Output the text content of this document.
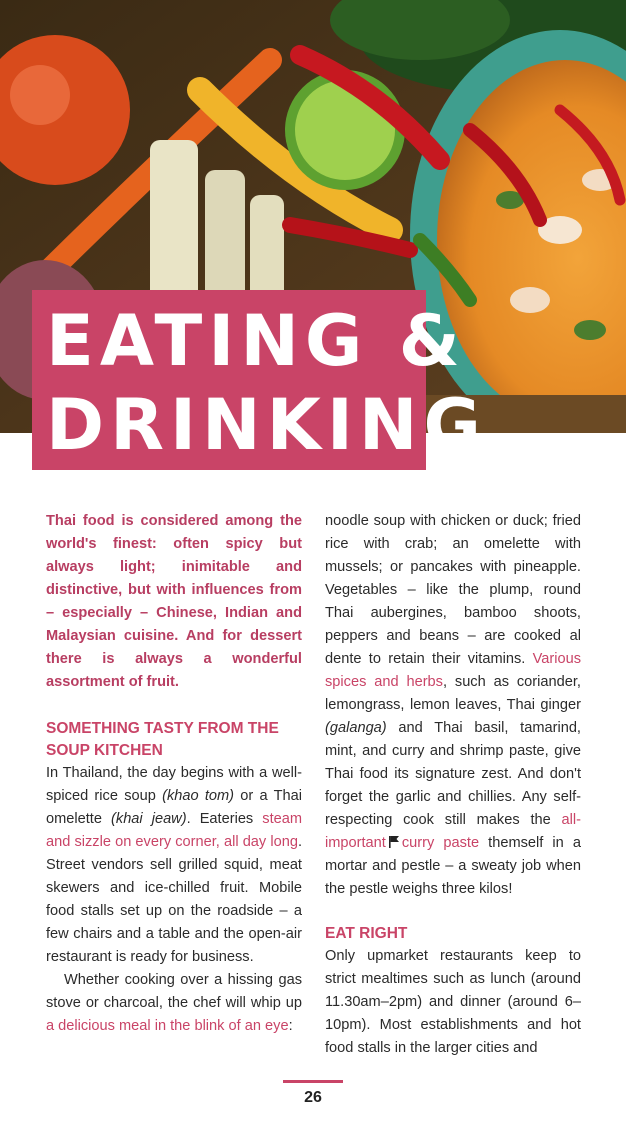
EATING &
DRINKING

Thai food is considered among the world's finest: often spicy but always light; inimitable and distinctive, but with influences from – especially – Chinese, Indian and Malaysian cuisine. And for dessert there is always a wonderful assortment of fruit.

SOMETHING TASTY FROM THE SOUP KITCHEN

In Thailand, the day begins with a well-spiced rice soup (khao tom) or a Thai omelette (khai jeaw). Eateries steam and sizzle on every corner, all day long. Street vendors sell grilled squid, meat skewers and ice-chilled fruit. Mobile food stalls set up on the roadside – a few chairs and a table and the open-air restaurant is ready for business.

Whether cooking over a hissing gas stove or charcoal, the chef will whip up a delicious meal in the blink of an eye:

noodle soup with chicken or duck; fried rice with crab; an omelette with mussels; or pancakes with pineapple. Vegetables – like the plump, round Thai aubergines, bamboo shoots, peppers and beans – are cooked al dente to retain their vitamins. Various spices and herbs, such as coriander, lemongrass, lemon leaves, Thai ginger (galanga) and Thai basil, tamarind, mint, and curry and shrimp paste, give Thai food its signature zest. And don't forget the garlic and chillies. Any self-respecting cook still makes the all-important curry paste themself in a mortar and pestle – a sweaty job when the pestle weighs three kilos!

EAT RIGHT

Only upmarket restaurants keep to strict mealtimes such as lunch (around 11.30am–2pm) and dinner (around 6–10pm). Most establishments and hot food stalls in the larger cities and

26
